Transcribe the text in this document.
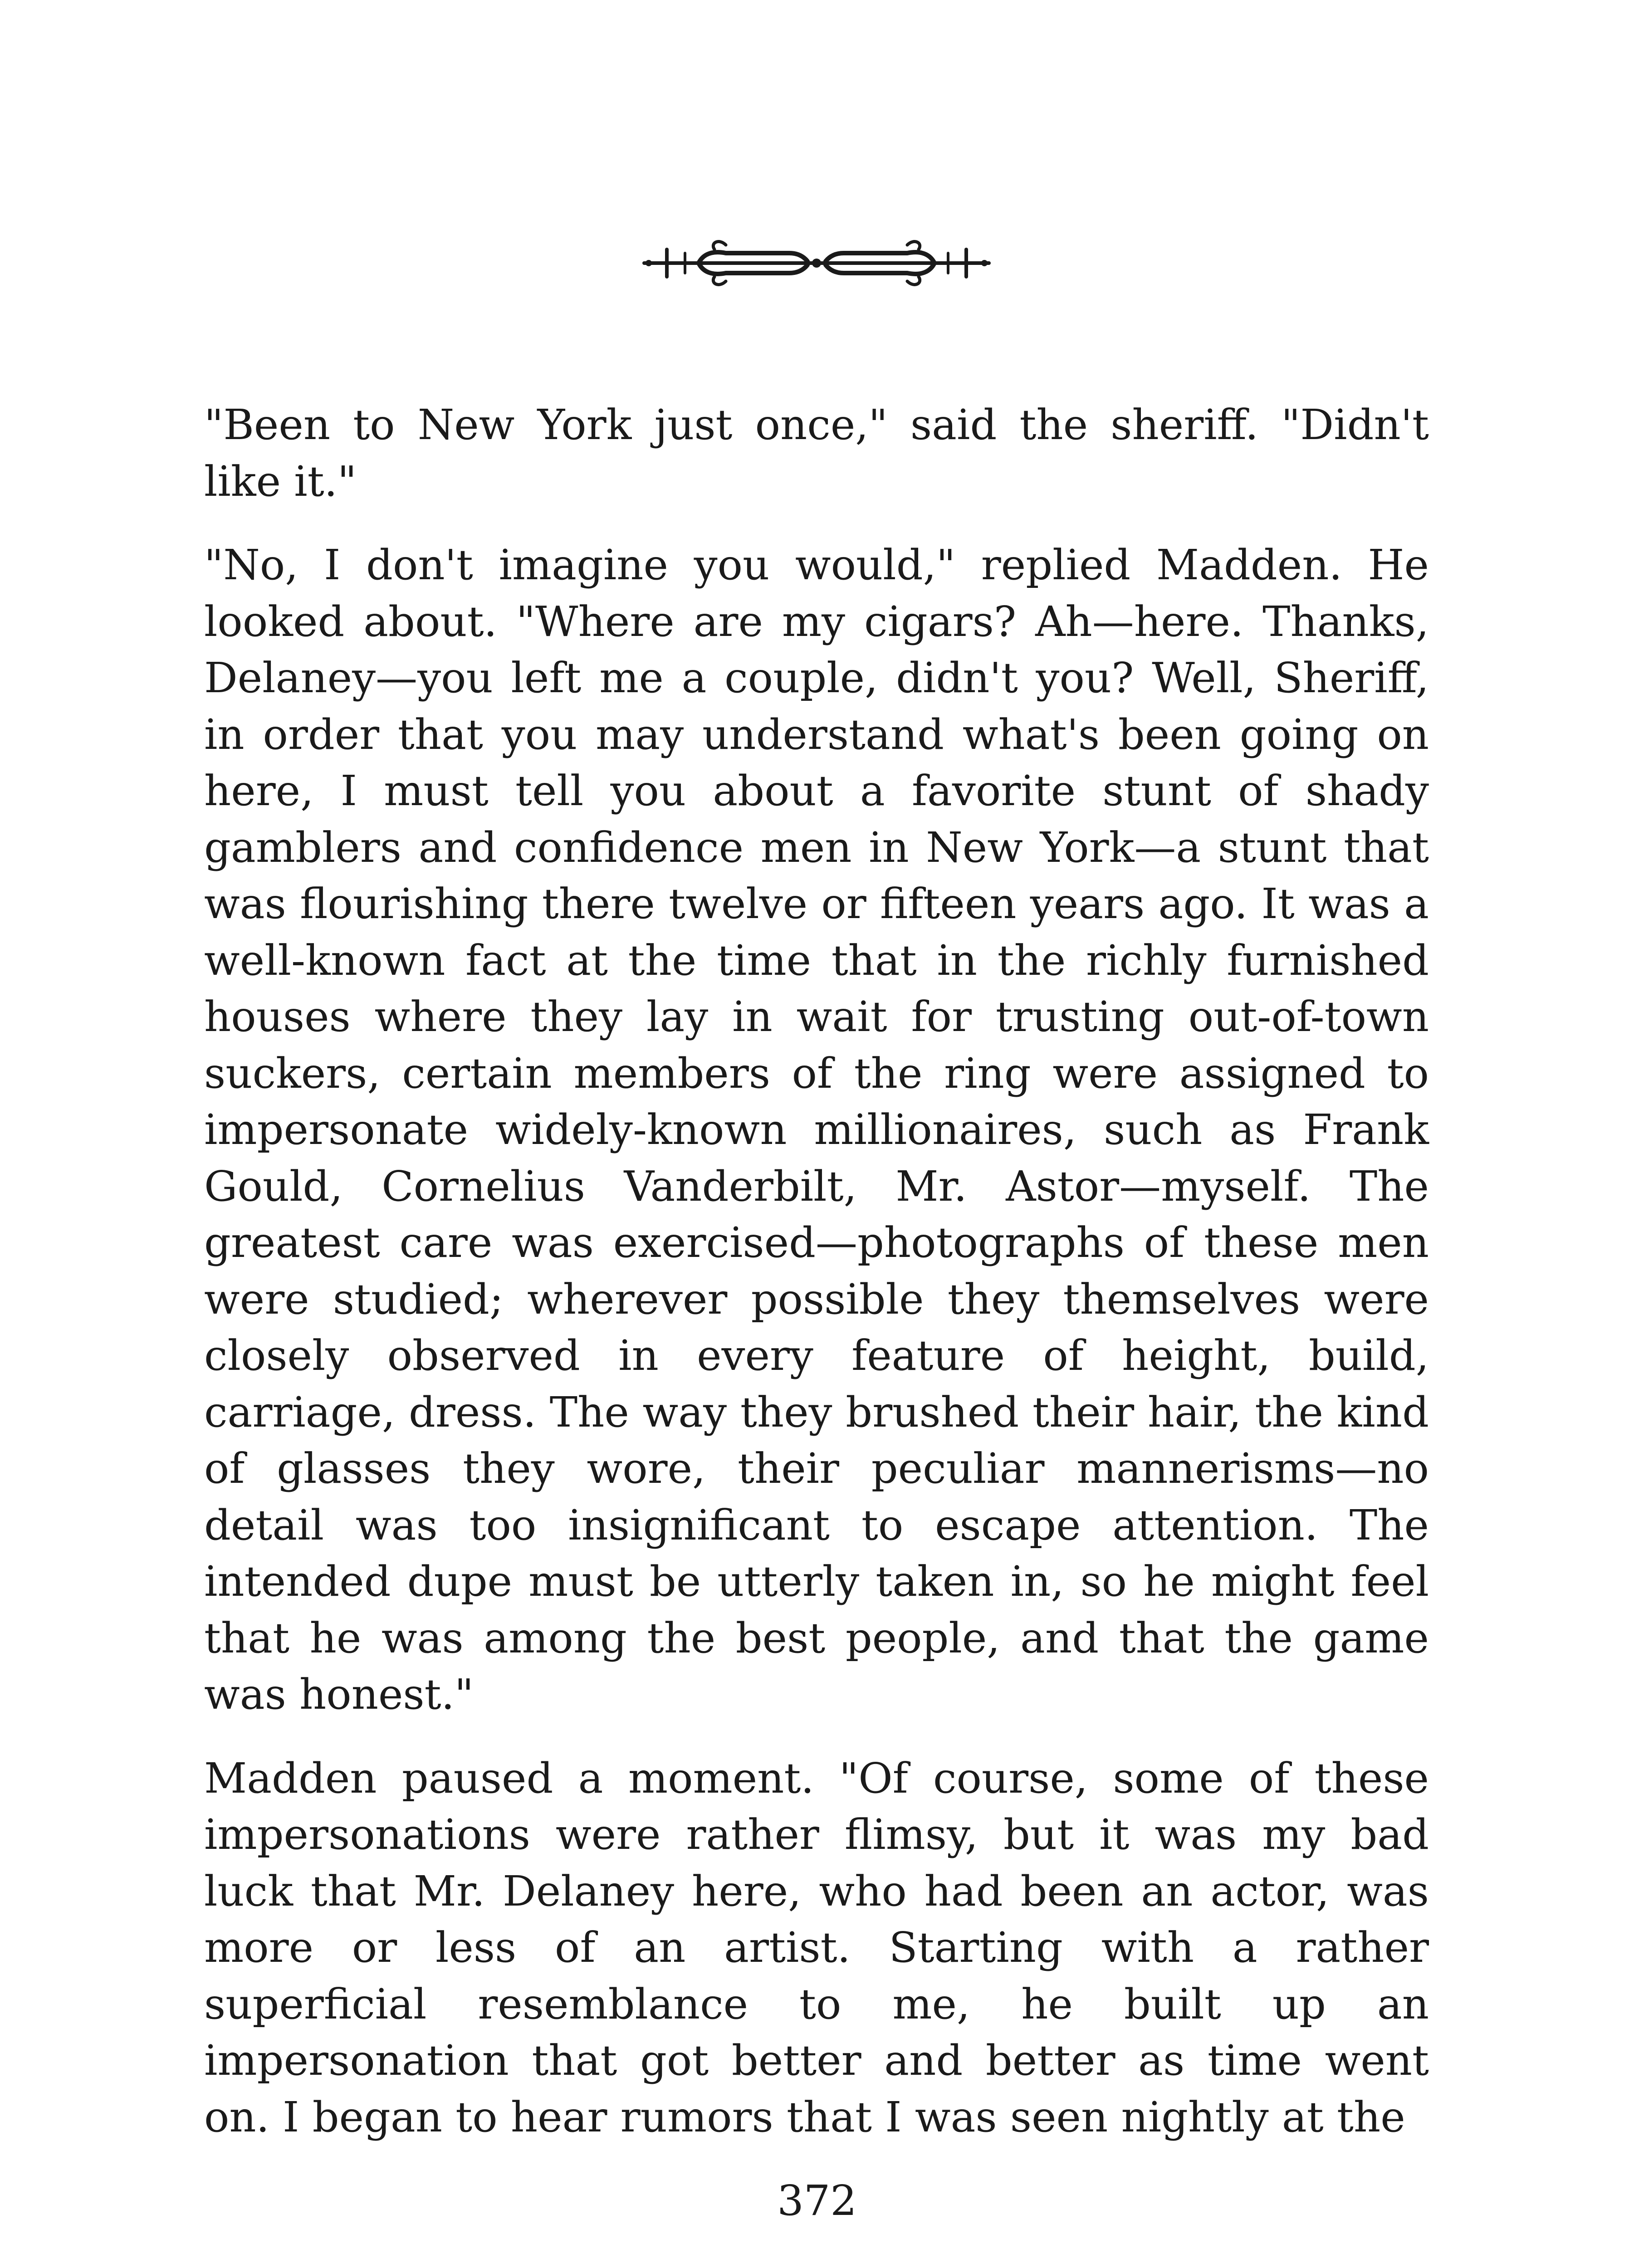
"Been to New York just once," said the sheriff. "Didn't like it."

"No, I don't imagine you would," replied Madden. He looked about. "Where are my cigars? Ah—here. Thanks, Delaney—you left me a couple, didn't you? Well, Sheriff, in order that you may understand what's been going on here, I must tell you about a favorite stunt of shady gamblers and confidence men in New York—a stunt that was flourishing there twelve or fifteen years ago. It was a well-known fact at the time that in the richly furnished houses where they lay in wait for trusting out-of-town suckers, certain members of the ring were assigned to impersonate widely-known millionaires, such as Frank Gould, Cornelius Vanderbilt, Mr. Astor—myself. The greatest care was exercised—photographs of these men were studied; wherever possible they themselves were closely observed in every feature of height, build, carriage, dress. The way they brushed their hair, the kind of glasses they wore, their peculiar mannerisms—no detail was too insignificant to escape attention. The intended dupe must be utterly taken in, so he might feel that he was among the best people, and that the game was honest."

Madden paused a moment. "Of course, some of these impersonations were rather flimsy, but it was my bad luck that Mr. Delaney here, who had been an actor, was more or less of an artist. Starting with a rather superficial resemblance to me, he built up an impersonation that got better and better as time went on. I began to hear rumors that I was seen nightly at the

372
